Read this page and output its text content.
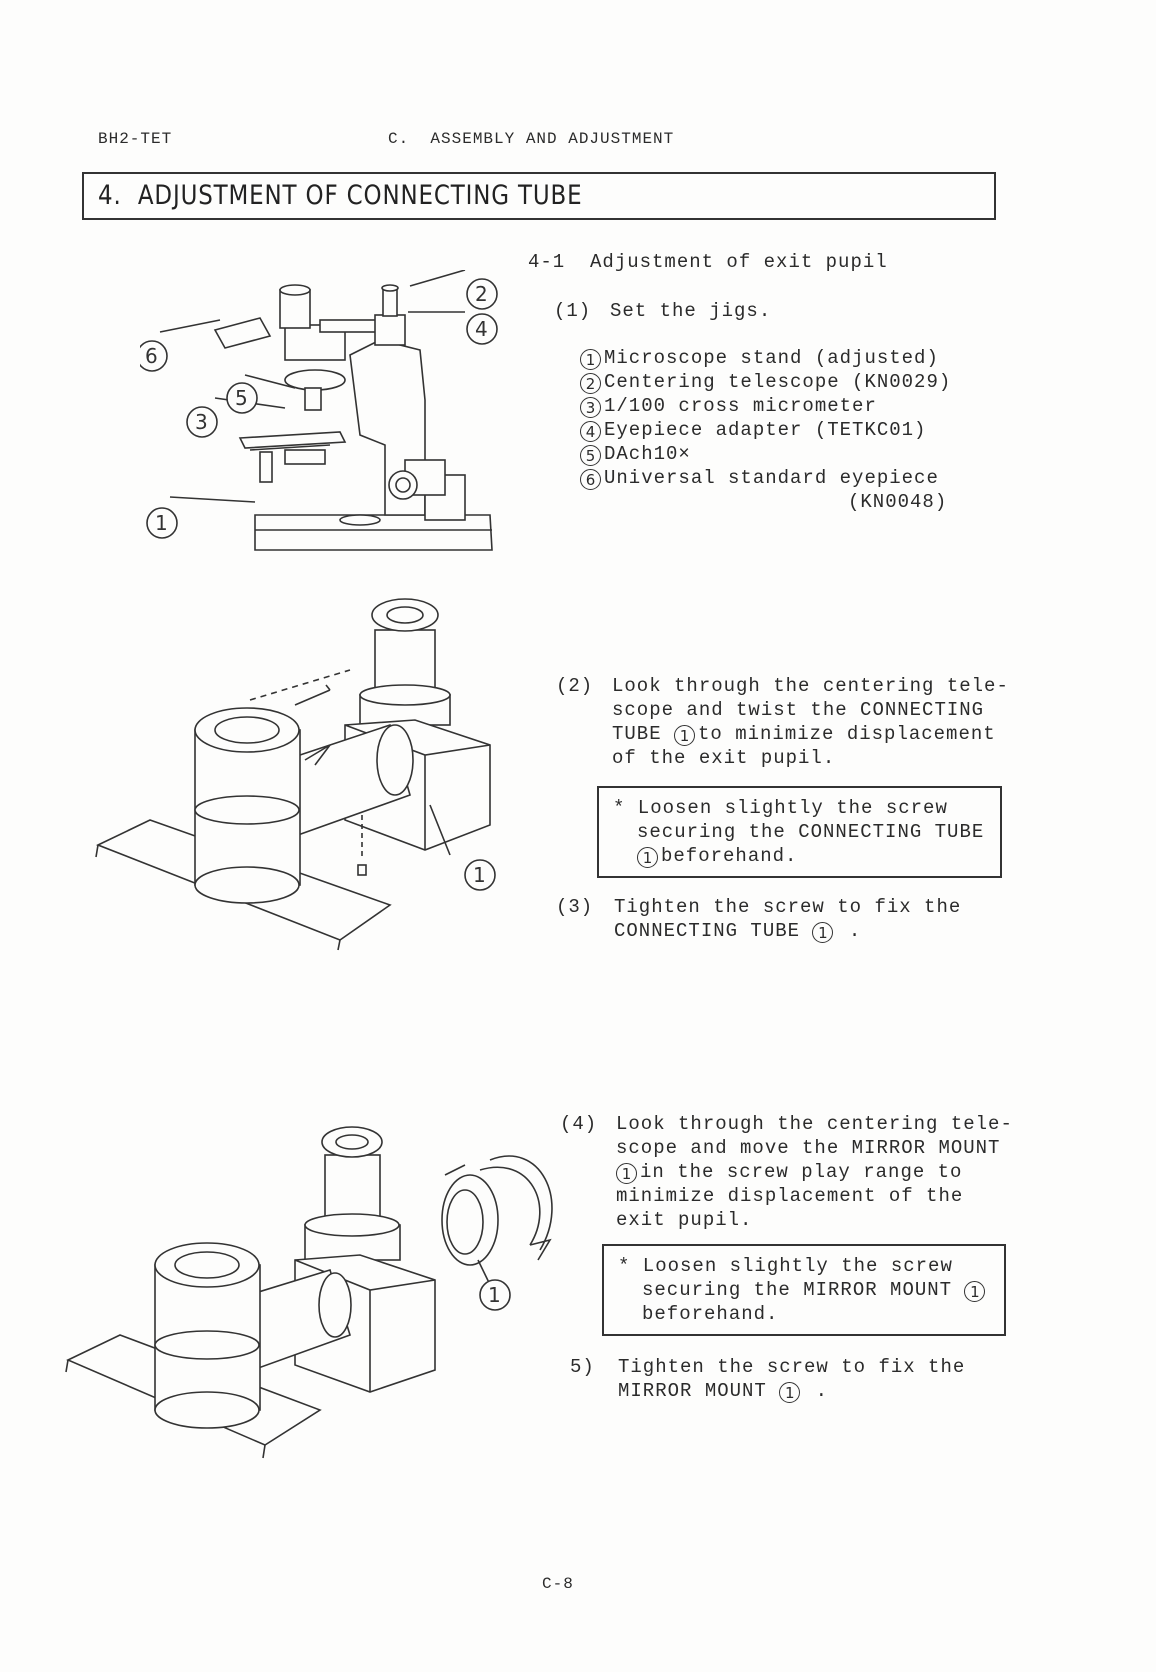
BH2-TET	C.  ASSEMBLY AND ADJUSTMENT
4.  ADJUSTMENT OF CONNECTING TUBE
4-1  Adjustment of exit pupil
(1) Set the jigs.
1 Microscope stand (adjusted)
2 Centering telescope (KN0029)
3 1/100 cross micrometer
4 Eyepiece adapter (TETKC01)
5 DAch10×
6 Universal standard eyepiece
(KN0048)
(2) Look through the centering tele-
scope and twist the CONNECTING
TUBE 1 to minimize displacement
of the exit pupil.
* Loosen slightly the screw
securing the CONNECTING TUBE
1 beforehand.
(3) Tighten the screw to fix the
CONNECTING TUBE 1 .
(4) Look through the centering tele-
scope and move the MIRROR MOUNT
1 in the screw play range to
minimize displacement of the
exit pupil.
* Loosen slightly the screw
securing the MIRROR MOUNT 1
beforehand.
5) Tighten the screw to fix the
MIRROR MOUNT 1 .
C-8
2
4
6
5
3
1
1
1
